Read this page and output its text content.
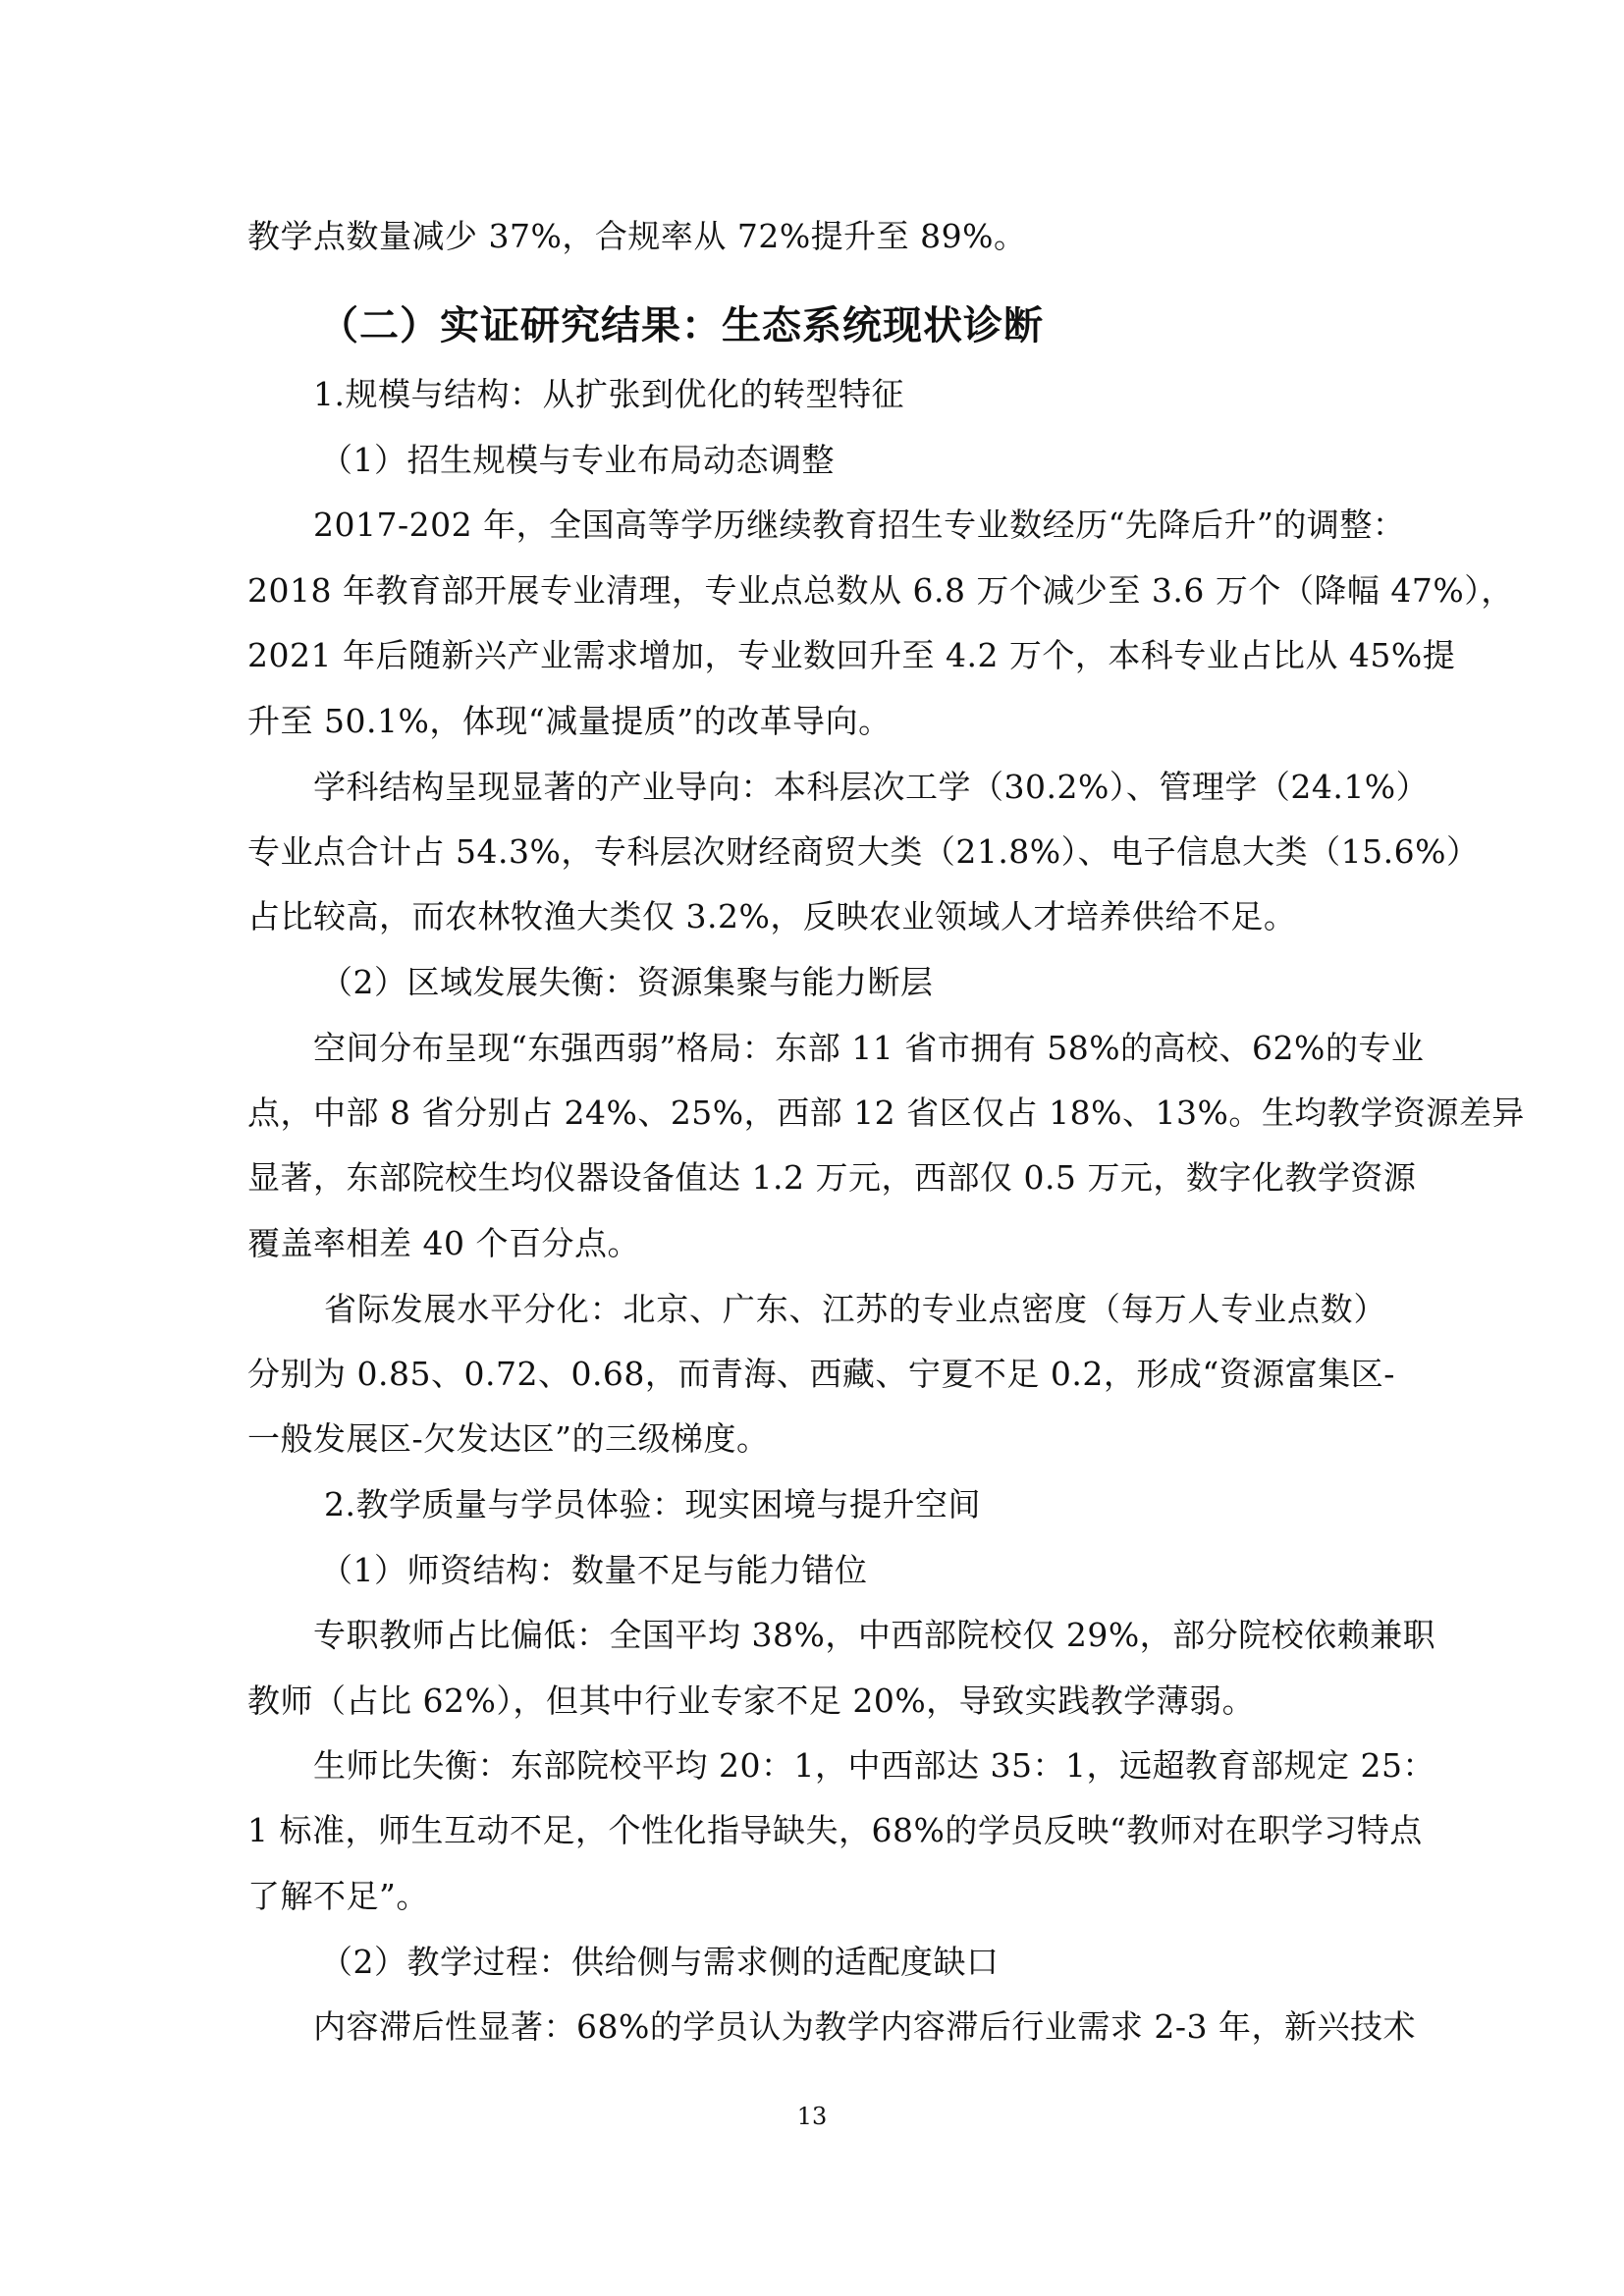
教学点数量减少 37%，合规率从 72%提升至 89%。
（二）实证研究结果：生态系统现状诊断
1.规模与结构：从扩张到优化的转型特征
（1）招生规模与专业布局动态调整
2017-202 年，全国高等学历继续教育招生专业数经历“先降后升”的调整：
2018 年教育部开展专业清理，专业点总数从 6.8 万个减少至 3.6 万个（降幅 47%），
2021 年后随新兴产业需求增加，专业数回升至 4.2 万个，本科专业占比从 45%提
升至 50.1%，体现“减量提质”的改革导向。
学科结构呈现显著的产业导向：本科层次工学（30.2%）、管理学（24.1%）
专业点合计占 54.3%，专科层次财经商贸大类（21.8%）、电子信息大类（15.6%）
占比较高，而农林牧渔大类仅 3.2%，反映农业领域人才培养供给不足。
（2）区域发展失衡：资源集聚与能力断层
空间分布呈现“东强西弱”格局：东部 11 省市拥有 58%的高校、62%的专业
点，中部 8 省分别占 24%、25%，西部 12 省区仅占 18%、13%。生均教学资源差异
显著，东部院校生均仪器设备值达 1.2 万元，西部仅 0.5 万元，数字化教学资源
覆盖率相差 40 个百分点。
省际发展水平分化：北京、广东、江苏的专业点密度（每万人专业点数）
分别为 0.85、0.72、0.68，而青海、西藏、宁夏不足 0.2，形成“资源富集区-
一般发展区-欠发达区”的三级梯度。
2.教学质量与学员体验：现实困境与提升空间
（1）师资结构：数量不足与能力错位
专职教师占比偏低：全国平均 38%，中西部院校仅 29%，部分院校依赖兼职
教师（占比 62%），但其中行业专家不足 20%，导致实践教学薄弱。
生师比失衡：东部院校平均 20：1，中西部达 35：1，远超教育部规定 25：
1 标准，师生互动不足，个性化指导缺失，68%的学员反映“教师对在职学习特点
了解不足”。
（2）教学过程：供给侧与需求侧的适配度缺口
内容滞后性显著：68%的学员认为教学内容滞后行业需求 2-3 年，新兴技术
13
